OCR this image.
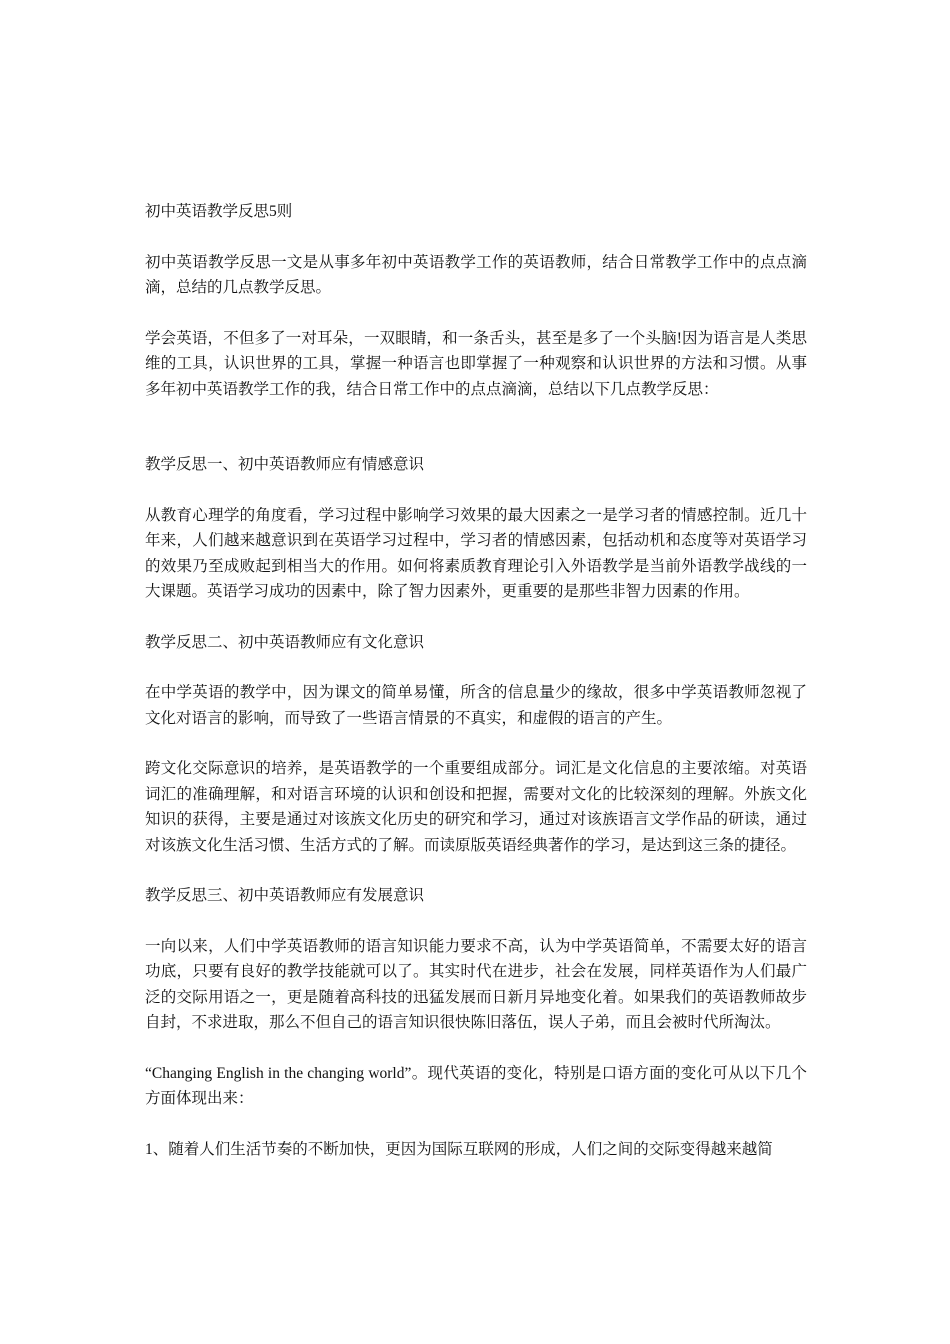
初中英语教学反思5则

初中英语教学反思一文是从事多年初中英语教学工作的英语教师，结合日常教学工作中的点点滴滴，总结的几点教学反思。

学会英语，不但多了一对耳朵，一双眼睛，和一条舌头，甚至是多了一个头脑!因为语言是人类思维的工具，认识世界的工具，掌握一种语言也即掌握了一种观察和认识世界的方法和习惯。从事多年初中英语教学工作的我，结合日常工作中的点点滴滴，总结以下几点教学反思：

教学反思一、初中英语教师应有情感意识

从教育心理学的角度看，学习过程中影响学习效果的最大因素之一是学习者的情感控制。近几十年来，人们越来越意识到在英语学习过程中，学习者的情感因素，包括动机和态度等对英语学习的效果乃至成败起到相当大的作用。如何将素质教育理论引入外语教学是当前外语教学战线的一大课题。英语学习成功的因素中，除了智力因素外，更重要的是那些非智力因素的作用。

教学反思二、初中英语教师应有文化意识

在中学英语的教学中，因为课文的简单易懂，所含的信息量少的缘故，很多中学英语教师忽视了文化对语言的影响，而导致了一些语言情景的不真实，和虚假的语言的产生。

跨文化交际意识的培养，是英语教学的一个重要组成部分。词汇是文化信息的主要浓缩。对英语词汇的准确理解，和对语言环境的认识和创设和把握，需要对文化的比较深刻的理解。外族文化知识的获得，主要是通过对该族文化历史的研究和学习，通过对该族语言文学作品的研读，通过对该族文化生活习惯、生活方式的了解。而读原版英语经典著作的学习，是达到这三条的捷径。

教学反思三、初中英语教师应有发展意识

一向以来，人们中学英语教师的语言知识能力要求不高，认为中学英语简单，不需要太好的语言功底，只要有良好的教学技能就可以了。其实时代在进步，社会在发展，同样英语作为人们最广泛的交际用语之一，更是随着高科技的迅猛发展而日新月异地变化着。如果我们的英语教师故步自封，不求进取，那么不但自己的语言知识很快陈旧落伍，误人子弟，而且会被时代所淘汰。

“Changing English in the changing world”。现代英语的变化，特别是口语方面的变化可从以下几个方面体现出来：

1、随着人们生活节奏的不断加快，更因为国际互联网的形成，人们之间的交际变得越来越简
